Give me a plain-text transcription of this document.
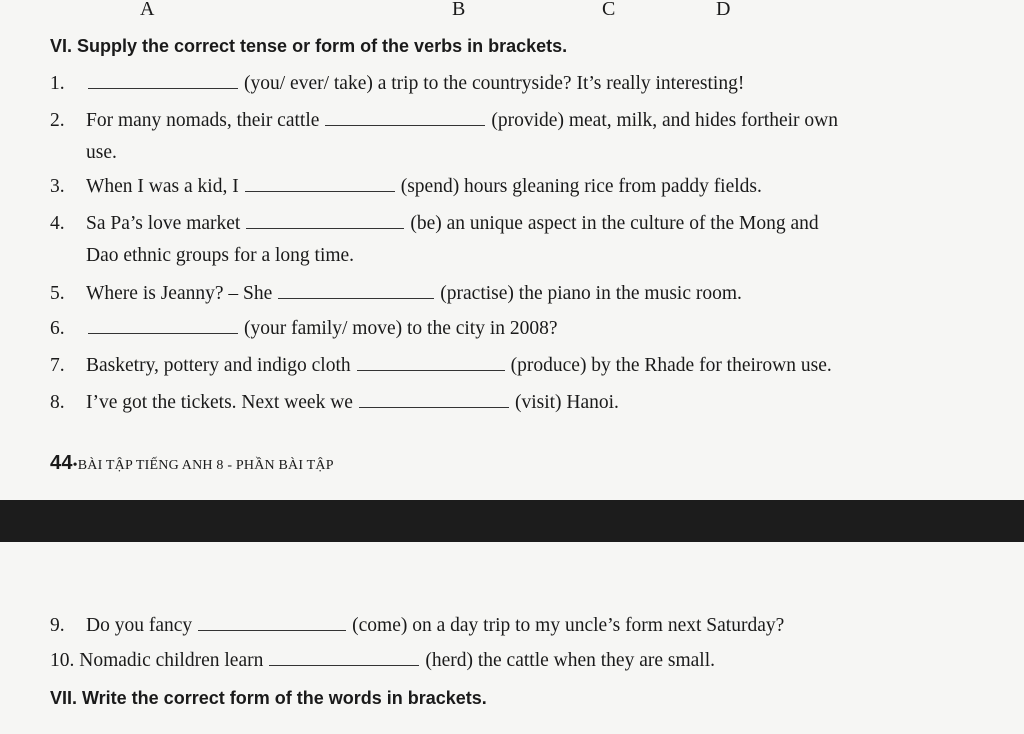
A	B	C	D
VI. Supply the correct tense or form of the verbs in brackets.
1.	(you/ ever/ take) a trip to the countryside? It’s really interesting!
2. For many nomads, their cattle	(provide) meat, milk, and hides fortheir own
use.
3. When I was a kid, I	(spend) hours gleaning rice from paddy fields.
4. Sa Pa’s love market	(be) an unique aspect in the culture of the Mong and
Dao ethnic groups for a long time.
5. Where is Jeanny? – She	(practise) the piano in the music room.
6.	(your family/ move) to the city in 2008?
7. Basketry, pottery and indigo cloth	(produce) by the Rhade for theirown use.
8. I’ve got the tickets. Next week we	(visit) Hanoi.
44•BÀI TẬP TIẾNG ANH 8 - PHẦN BÀI TẬP
9. Do you fancy	(come) on a day trip to my uncle’s form next Saturday?
10. Nomadic children learn	(herd) the cattle when they are small.
VII. Write the correct form of the words in brackets.
